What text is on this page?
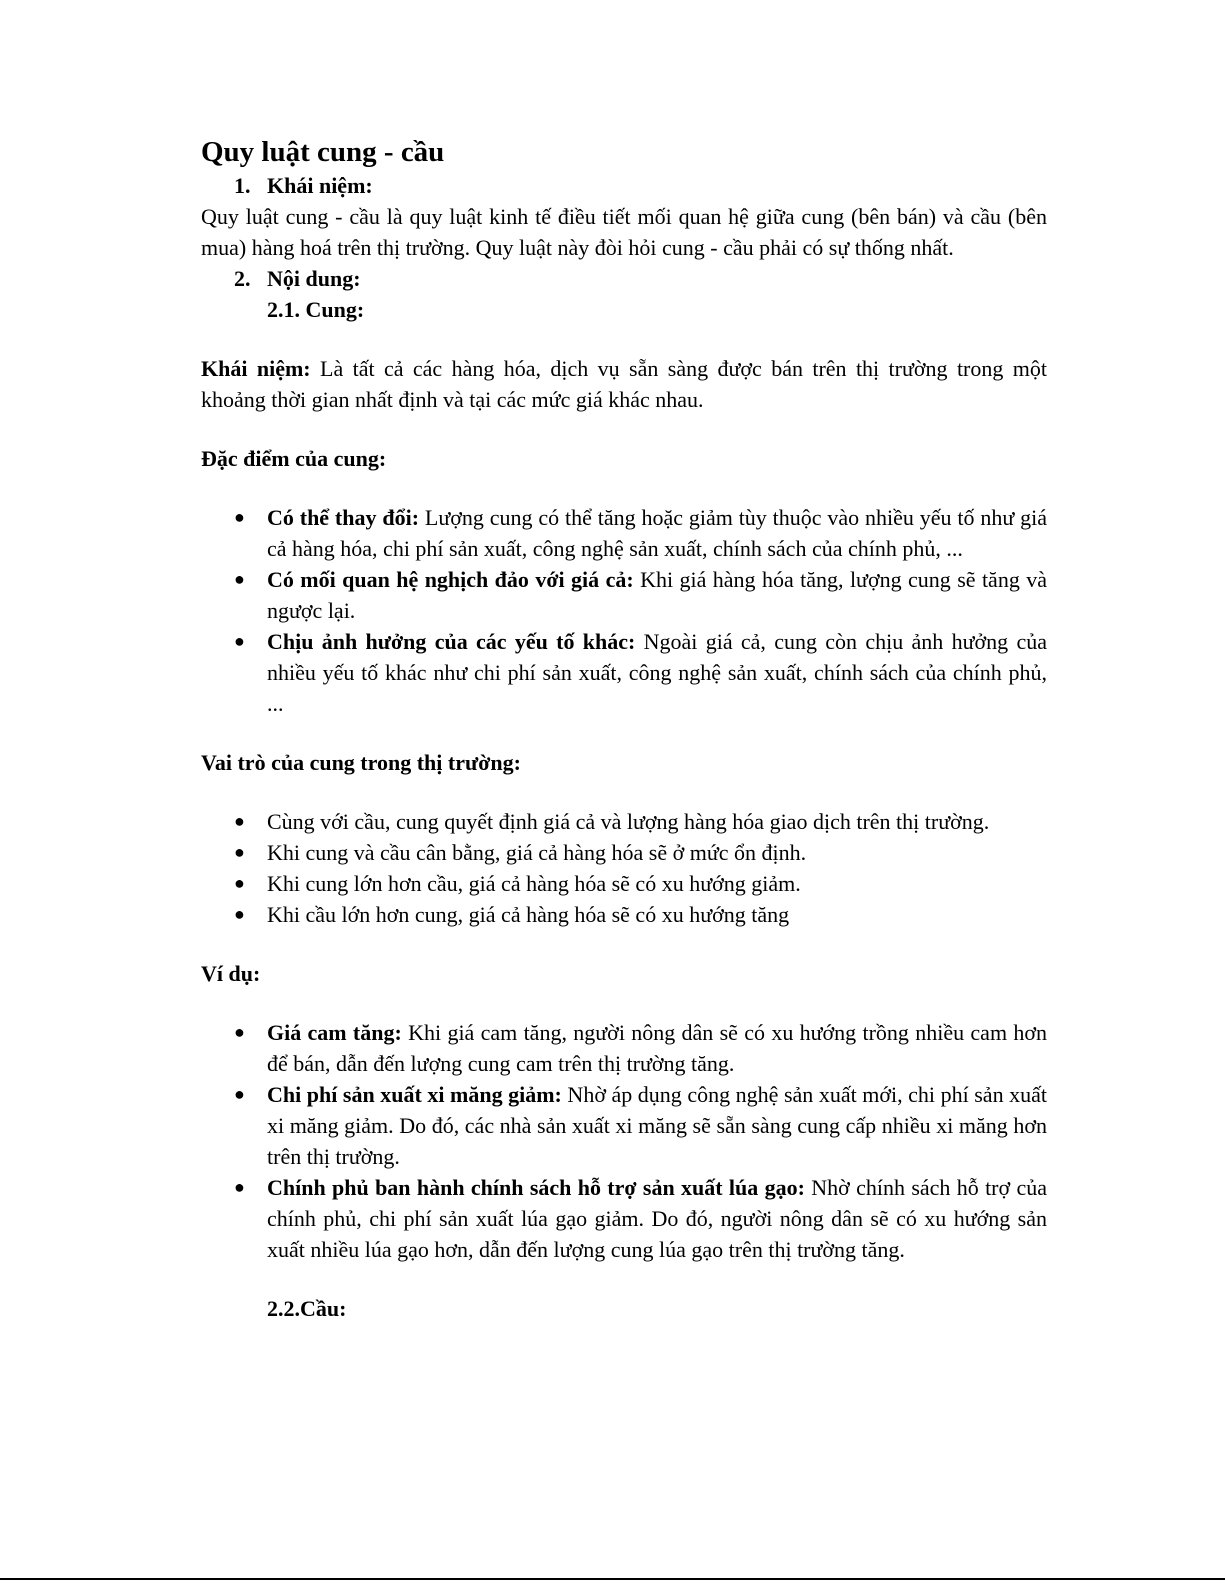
Quy luật cung - cầu
1. Khái niệm:

Quy luật cung - cầu là quy luật kinh tế điều tiết mối quan hệ giữa cung (bên bán) và cầu (bên mua) hàng hoá trên thị trường. Quy luật này đòi hỏi cung - cầu phải có sự thống nhất.

2. Nội dung:
2.1. Cung:

Khái niệm: Là tất cả các hàng hóa, dịch vụ sẵn sàng được bán trên thị trường trong một khoảng thời gian nhất định và tại các mức giá khác nhau.

Đặc điểm của cung:
● Có thể thay đổi: Lượng cung có thể tăng hoặc giảm tùy thuộc vào nhiều yếu tố như giá cả hàng hóa, chi phí sản xuất, công nghệ sản xuất, chính sách của chính phủ, ...
● Có mối quan hệ nghịch đảo với giá cả: Khi giá hàng hóa tăng, lượng cung sẽ tăng và ngược lại.
● Chịu ảnh hưởng của các yếu tố khác: Ngoài giá cả, cung còn chịu ảnh hưởng của nhiều yếu tố khác như chi phí sản xuất, công nghệ sản xuất, chính sách của chính phủ, ...
Vai trò của cung trong thị trường:
● Cùng với cầu, cung quyết định giá cả và lượng hàng hóa giao dịch trên thị trường.
● Khi cung và cầu cân bằng, giá cả hàng hóa sẽ ở mức ổn định.
● Khi cung lớn hơn cầu, giá cả hàng hóa sẽ có xu hướng giảm.
● Khi cầu lớn hơn cung, giá cả hàng hóa sẽ có xu hướng tăng
Ví dụ:
● Giá cam tăng: Khi giá cam tăng, người nông dân sẽ có xu hướng trồng nhiều cam hơn để bán, dẫn đến lượng cung cam trên thị trường tăng.
● Chi phí sản xuất xi măng giảm: Nhờ áp dụng công nghệ sản xuất mới, chi phí sản xuất xi măng giảm. Do đó, các nhà sản xuất xi măng sẽ sẵn sàng cung cấp nhiều xi măng hơn trên thị trường.
● Chính phủ ban hành chính sách hỗ trợ sản xuất lúa gạo: Nhờ chính sách hỗ trợ của chính phủ, chi phí sản xuất lúa gạo giảm. Do đó, người nông dân sẽ có xu hướng sản xuất nhiều lúa gạo hơn, dẫn đến lượng cung lúa gạo trên thị trường tăng.
2.2.Cầu:
